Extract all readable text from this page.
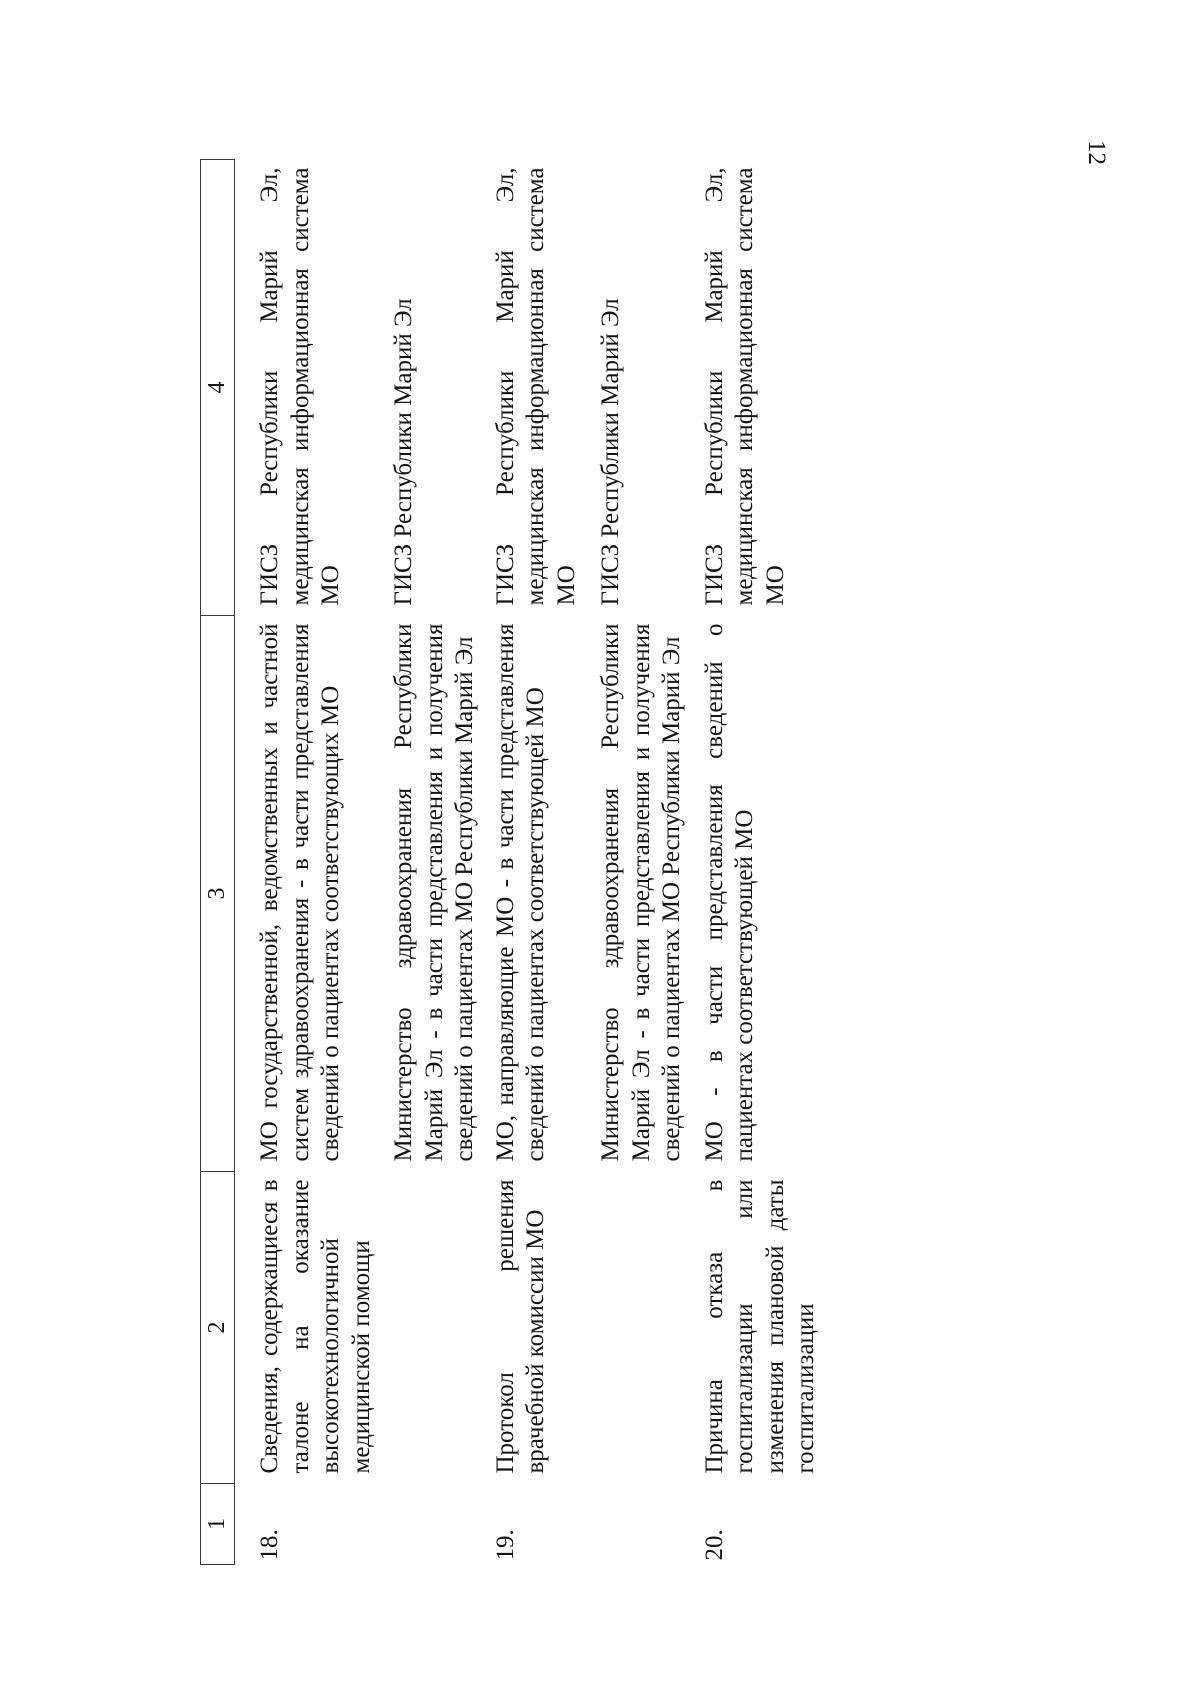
12
1	2	3	4

18.	Сведения, содержащиеся в талоне на оказание высокотехнологичной медицинской помощи	МО государственной, ведомственных и частной систем здравоохранения - в части представления сведений о пациентах соответствующих МО	ГИСЗ Республики Марий Эл, медицинская информационная система МО

		Министерство здравоохранения Республики Марий Эл - в части представления и получения сведений о пациентах МО Республики Марий Эл	ГИСЗ Республики Марий Эл

19.	Протокол решения врачебной комиссии МО	МО, направляющие МО - в части представления сведений о пациентах соответствующей МО	ГИСЗ Республики Марий Эл, медицинская информационная система МО

		Министерство здравоохранения Республики Марий Эл - в части представления и получения сведений о пациентах МО Республики Марий Эл	ГИСЗ Республики Марий Эл

20.	Причина отказа в госпитализации или изменения плановой даты госпитализации	МО - в части представления сведений о пациентах соответствующей МО	ГИСЗ Республики Марий Эл, медицинская информационная система МО
